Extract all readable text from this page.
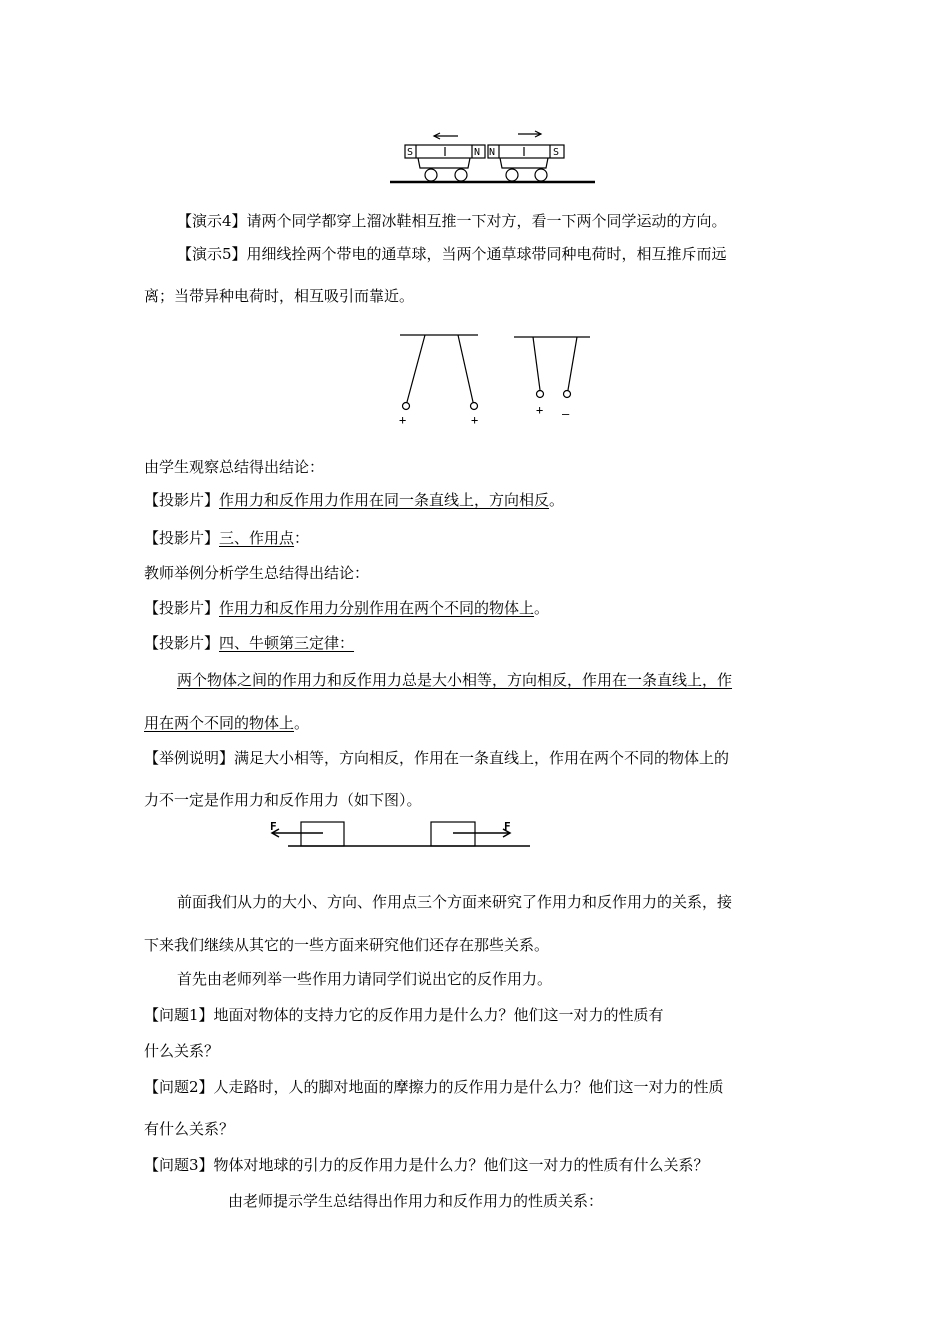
S	N N	S
【演示4】请两个同学都穿上溜冰鞋相互推一下对方，看一下两个同学运动的方向。
【演示5】用细线拴两个带电的通草球，当两个通草球带同种电荷时，相互推斥而远
离；当带异种电荷时，相互吸引而靠近。
+	+
+ –
由学生观察总结得出结论：
【投影片】作用力和反作用力作用在同一条直线上，方向相反。
【投影片】三、作用点：
教师举例分析学生总结得出结论：
【投影片】作用力和反作用力分别作用在两个不同的物体上。
【投影片】四、牛顿第三定律：
两个物体之间的作用力和反作用力总是大小相等，方向相反，作用在一条直线上，作
用在两个不同的物体上。
【举例说明】满足大小相等，方向相反，作用在一条直线上，作用在两个不同的物体上的
力不一定是作用力和反作用力（如下图）。
F	F
前面我们从力的大小、方向、作用点三个方面来研究了作用力和反作用力的关系，接
下来我们继续从其它的一些方面来研究他们还存在那些关系。
首先由老师列举一些作用力请同学们说出它的反作用力。
【问题1】地面对物体的支持力它的反作用力是什么力？他们这一对力的性质有
什么关系？
【问题2】人走路时，人的脚对地面的摩擦力的反作用力是什么力？他们这一对力的性质
有什么关系？
【问题3】物体对地球的引力的反作用力是什么力？他们这一对力的性质有什么关系？
由老师提示学生总结得出作用力和反作用力的性质关系：
